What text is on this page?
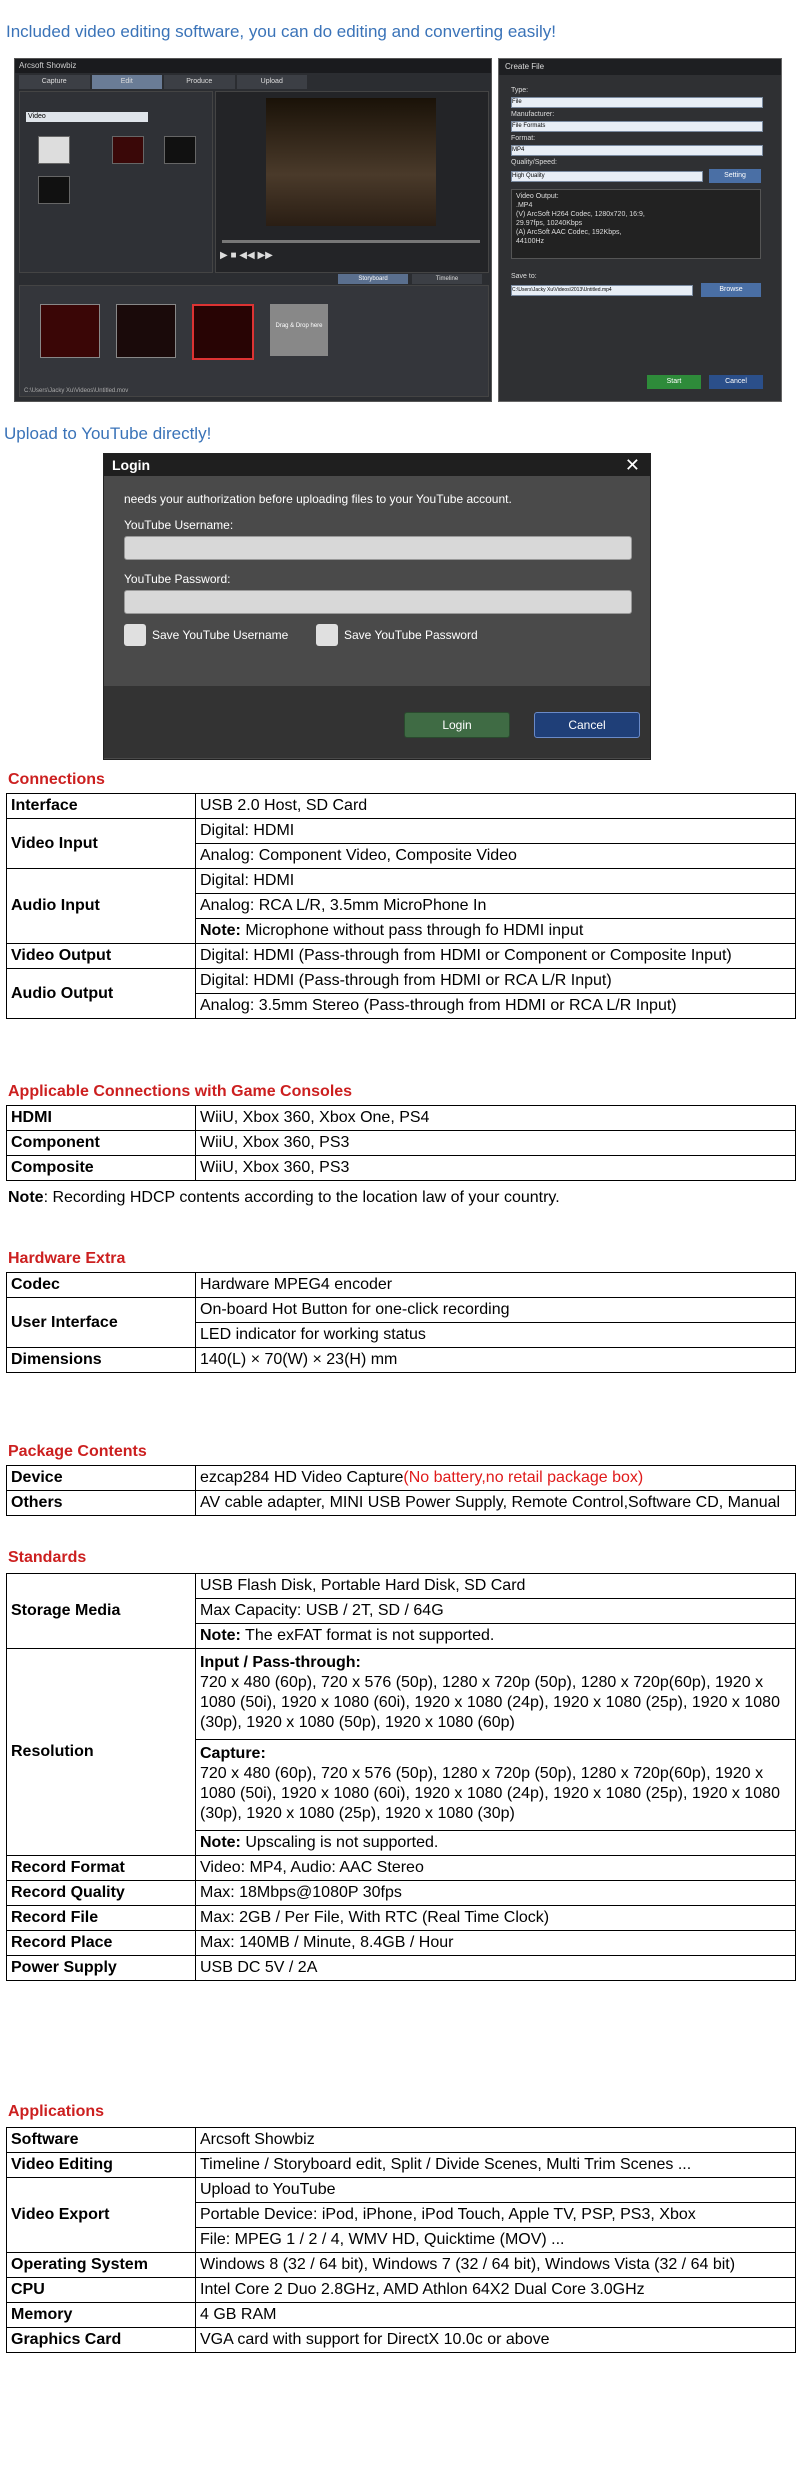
Included video editing software, you can do editing and converting easily!
Arcsoft Showbiz
Capture	Edit	Produce	Upload
Video
▶ ■ ◀◀ ▶▶
Storyboard	Timeline
Drag & Drop here
C:\Users\Jacky Xu\Videos\Untitled.mov
Create File
Type:
File
Manufacturer:
File Formats
Format:
MP4
Quality/Speed:
High Quality	Setting
Video Output:
.MP4
(V) ArcSoft H264 Codec, 1280x720, 16:9,
29.97fps, 10240Kbps
(A) ArcSoft AAC Codec, 192Kbps,
44100Hz
Save to:
C:\Users\Jacky Xu\Videos\2013\Untitled.mp4	Browse
Start	Cancel
Upload to YouTube directly!
Login	✕
needs your authorization before uploading files to your YouTube account.
YouTube Username:
YouTube Password:
Save YouTube Username	Save YouTube Password
Login	Cancel
Connections
Interface	USB 2.0 Host, SD Card
Video Input	Digital: HDMI
	Analog: Component Video, Composite Video
Audio Input	Digital: HDMI
	Analog: RCA L/R, 3.5mm MicroPhone In
	Note: Microphone without pass through fo HDMI input
Video Output	Digital: HDMI (Pass-through from HDMI or Component or Composite Input)
Audio Output	Digital: HDMI (Pass-through from HDMI or RCA L/R Input)
	Analog: 3.5mm Stereo (Pass-through from HDMI or RCA L/R Input)
Applicable Connections with Game Consoles
HDMI	WiiU, Xbox 360, Xbox One, PS4
Component	WiiU, Xbox 360, PS3
Composite	WiiU, Xbox 360, PS3
Note: Recording HDCP contents according to the location law of your country.
Hardware Extra
Codec	Hardware MPEG4 encoder
User Interface	On-board Hot Button for one-click recording
	LED indicator for working status
Dimensions	140(L) × 70(W) × 23(H) mm
Package Contents
Device	ezcap284 HD Video Capture(No battery,no retail package box)
Others	AV cable adapter, MINI USB Power Supply, Remote Control,Software CD, Manual
Standards
Storage Media	USB Flash Disk, Portable Hard Disk, SD Card
	Max Capacity: USB / 2T, SD / 64G
	Note: The exFAT format is not supported.
Resolution	Input / Pass-through:
720 x 480 (60p), 720 x 576 (50p), 1280 x 720p (50p), 1280 x 720p(60p), 1920 x 1080 (50i), 1920 x 1080 (60i), 1920 x 1080 (24p), 1920 x 1080 (25p), 1920 x 1080 (30p), 1920 x 1080 (50p), 1920 x 1080 (60p)
	Capture:
720 x 480 (60p), 720 x 576 (50p), 1280 x 720p (50p), 1280 x 720p(60p), 1920 x 1080 (50i), 1920 x 1080 (60i), 1920 x 1080 (24p), 1920 x 1080 (25p), 1920 x 1080 (30p), 1920 x 1080 (25p), 1920 x 1080 (30p)
	Note: Upscaling is not supported.
Record Format	Video: MP4, Audio: AAC Stereo
Record Quality	Max: 18Mbps@1080P 30fps
Record File	Max: 2GB / Per File, With RTC (Real Time Clock)
Record Place	Max: 140MB / Minute, 8.4GB / Hour
Power Supply	USB DC 5V / 2A
Applications
Software	Arcsoft Showbiz
Video Editing	Timeline / Storyboard edit, Split / Divide Scenes, Multi Trim Scenes ...
Video Export	Upload to YouTube
	Portable Device: iPod, iPhone, iPod Touch, Apple TV, PSP, PS3, Xbox
	File: MPEG 1 / 2 / 4, WMV HD, Quicktime (MOV) ...
Operating System	Windows 8 (32 / 64 bit), Windows 7 (32 / 64 bit), Windows Vista (32 / 64 bit)
CPU	Intel Core 2 Duo 2.8GHz, AMD Athlon 64X2 Dual Core 3.0GHz
Memory	4 GB RAM
Graphics Card	VGA card with support for DirectX 10.0c or above
